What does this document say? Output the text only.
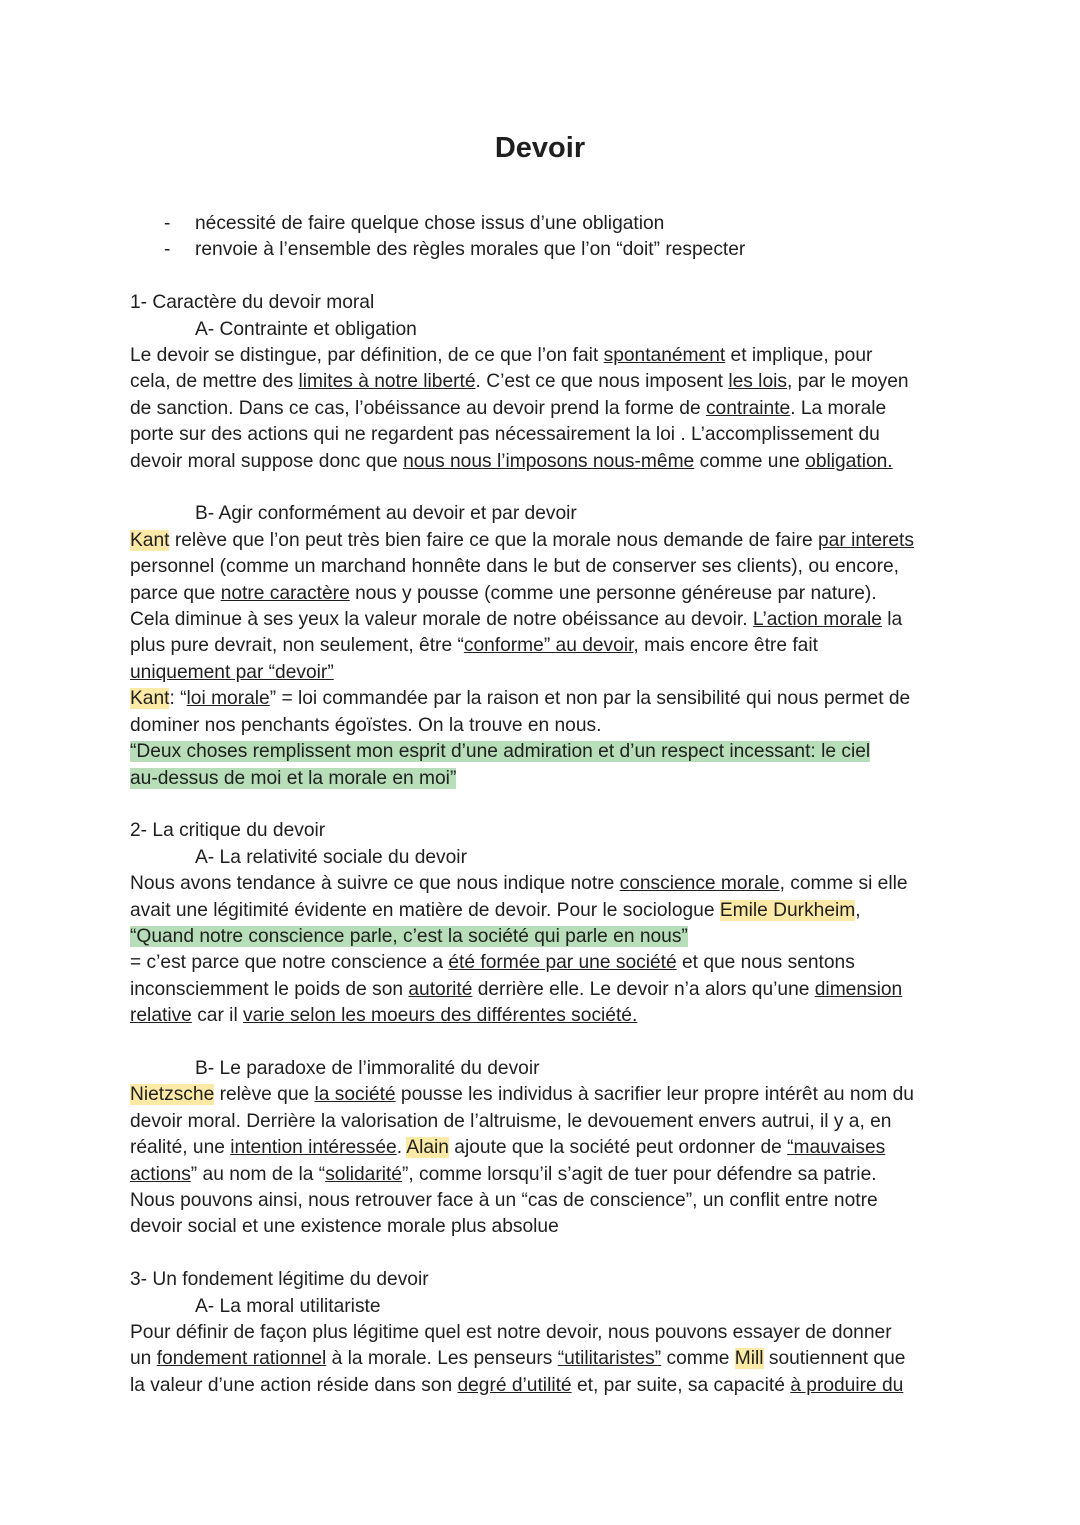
Devoir
- nécessité de faire quelque chose issus d’une obligation
- renvoie à l’ensemble des règles morales que l’on “doit” respecter
1- Caractère du devoir moral
A- Contrainte et obligation
Le devoir se distingue, par définition, de ce que l’on fait spontanément et implique, pour
cela, de mettre des limites à notre liberté. C’est ce que nous imposent les lois, par le moyen
de sanction. Dans ce cas, l’obéissance au devoir prend la forme de contrainte. La morale
porte sur des actions qui ne regardent pas nécessairement la loi . L’accomplissement du
devoir moral suppose donc que nous nous l’imposons nous-même comme une obligation.
B- Agir conformément au devoir et par devoir
Kant relève que l’on peut très bien faire ce que la morale nous demande de faire par interets
personnel (comme un marchand honnête dans le but de conserver ses clients), ou encore,
parce que notre caractère nous y pousse (comme une personne généreuse par nature).
Cela diminue à ses yeux la valeur morale de notre obéissance au devoir. L’action morale la
plus pure devrait, non seulement, être “conforme” au devoir, mais encore être fait
uniquement par “devoir”
Kant: “loi morale” = loi commandée par la raison et non par la sensibilité qui nous permet de
dominer nos penchants égoïstes. On la trouve en nous.
“Deux choses remplissent mon esprit d’une admiration et d’un respect incessant: le ciel
au-dessus de moi et la morale en moi”
2- La critique du devoir
A- La relativité sociale du devoir
Nous avons tendance à suivre ce que nous indique notre conscience morale, comme si elle
avait une légitimité évidente en matière de devoir. Pour le sociologue Emile Durkheim,
“Quand notre conscience parle, c’est la société qui parle en nous”
= c’est parce que notre conscience a été formée par une société et que nous sentons
inconsciemment le poids de son autorité derrière elle. Le devoir n’a alors qu’une dimension
relative car il varie selon les moeurs des différentes société.
B- Le paradoxe de l’immoralité du devoir
Nietzsche relève que la société pousse les individus à sacrifier leur propre intérêt au nom du
devoir moral. Derrière la valorisation de l’altruisme, le devouement envers autrui, il y a, en
réalité, une intention intéressée. Alain ajoute que la société peut ordonner de “mauvaises
actions” au nom de la “solidarité”, comme lorsqu’il s’agit de tuer pour défendre sa patrie.
Nous pouvons ainsi, nous retrouver face à un “cas de conscience”, un conflit entre notre
devoir social et une existence morale plus absolue
3- Un fondement légitime du devoir
A- La moral utilitariste
Pour définir de façon plus légitime quel est notre devoir, nous pouvons essayer de donner
un fondement rationnel à la morale. Les penseurs “utilitaristes” comme Mill soutiennent que
la valeur d’une action réside dans son degré d’utilité et, par suite, sa capacité à produire du
